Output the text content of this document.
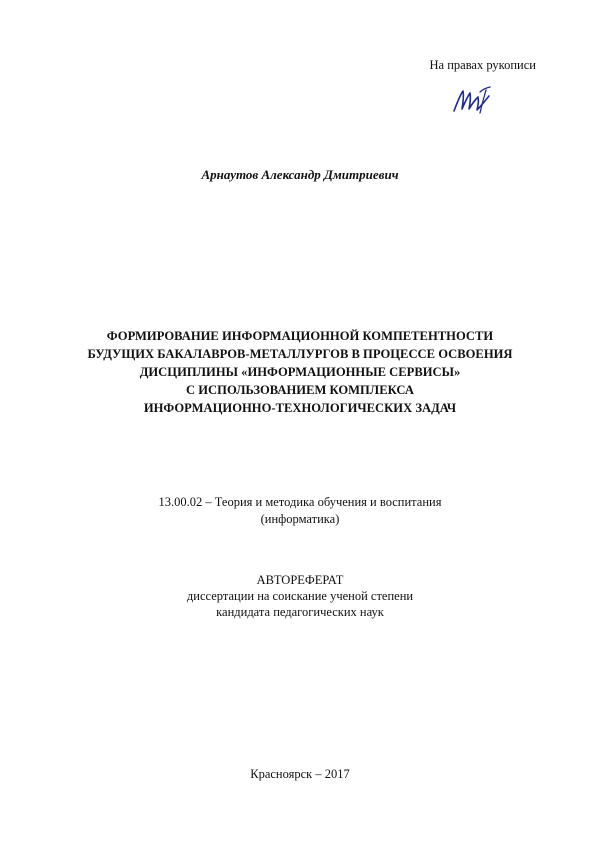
На правах рукописи
Арнаутов Александр Дмитриевич
ФОРМИРОВАНИЕ ИНФОРМАЦИОННОЙ КОМПЕТЕНТНОСТИ
БУДУЩИХ БАКАЛАВРОВ-МЕТАЛЛУРГОВ В ПРОЦЕССЕ ОСВОЕНИЯ
ДИСЦИПЛИНЫ «ИНФОРМАЦИОННЫЕ СЕРВИСЫ»
С ИСПОЛЬЗОВАНИЕМ КОМПЛЕКСА
ИНФОРМАЦИОННО-ТЕХНОЛОГИЧЕСКИХ ЗАДАЧ
13.00.02 – Теория и методика обучения и воспитания
(информатика)
АВТОРЕФЕРАТ
диссертации на соискание ученой степени
кандидата педагогических наук
Красноярск – 2017
